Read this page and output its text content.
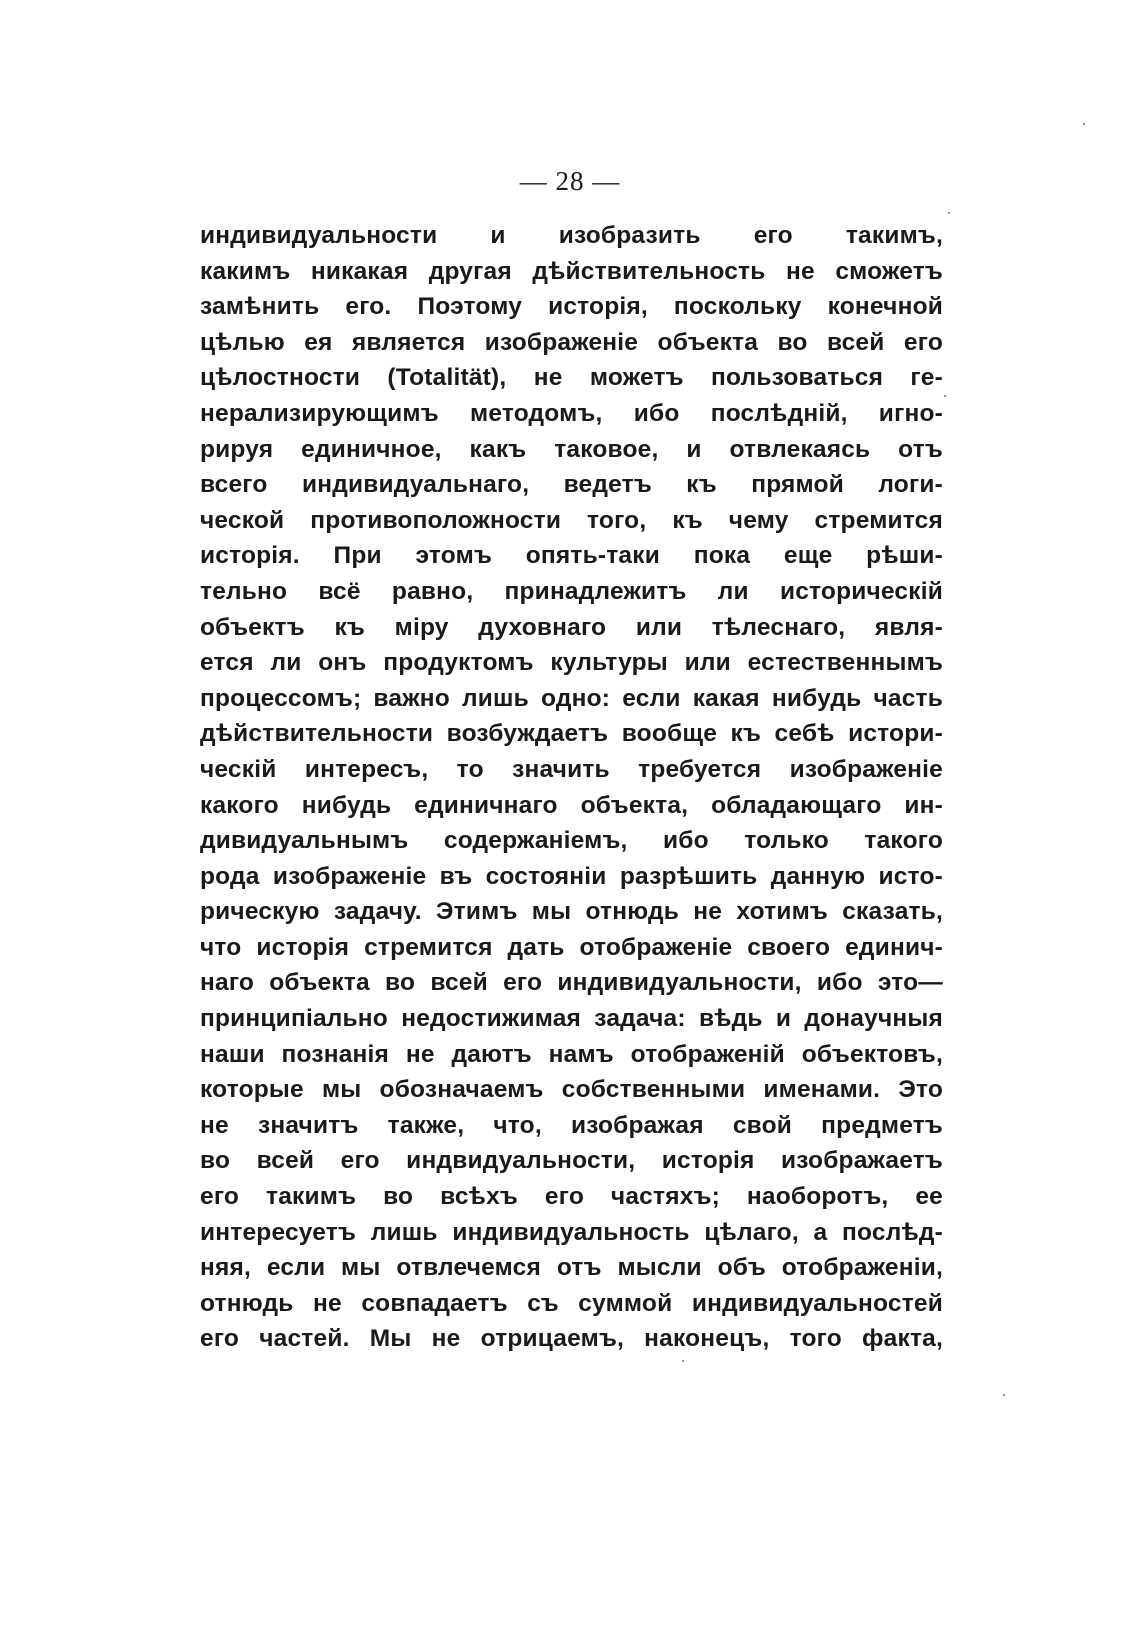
— 28 —
индивидуальности и изобразить его такимъ,
какимъ никакая другая дѣйствительность не сможетъ
замѣнить его. Поэтому исторія, поскольку конечной
цѣлью ея является изображеніе объекта во всей его
цѣлостности (Totalität), не можетъ пользоваться ге-
нерализирующимъ методомъ, ибо послѣдній, игно-
рируя единичное, какъ таковое, и отвлекаясь отъ
всего индивидуальнаго, ведетъ къ прямой логи-
ческой противоположности того, къ чему стремится
исторія. При этомъ опять-таки пока еще рѣши-
тельно всё равно, принадлежитъ ли историческій
объектъ къ міру духовнаго или тѣлеснаго, явля-
ется ли онъ продуктомъ культуры или естественнымъ
процессомъ; важно лишь одно: если какая нибудь часть
дѣйствительности возбуждаетъ вообще къ себѣ истори-
ческій интересъ, то значить требуется изображеніе
какого нибудь единичнаго объекта, обладающаго ин-
дивидуальнымъ содержаніемъ, ибо только такого
рода изображеніе въ состояніи разрѣшить данную исто-
рическую задачу. Этимъ мы отнюдь не хотимъ сказать,
что исторія стремится дать отображеніе своего единич-
наго объекта во всей его индивидуальности, ибо это—
принципіально недостижимая задача: вѣдь и донаучныя
наши познанія не даютъ намъ отображеній объектовъ,
которые мы обозначаемъ собственными именами. Это
не значитъ также, что, изображая свой предметъ
во всей его индвидуальности, исторія изображаетъ
его такимъ во всѣхъ его частяхъ; наоборотъ, ее
интересуетъ лишь индивидуальность цѣлаго, а послѣд-
няя, если мы отвлечемся отъ мысли объ отображеніи,
отнюдь не совпадаетъ съ суммой индивидуальностей
его частей. Мы не отрицаемъ, наконецъ, того факта,
